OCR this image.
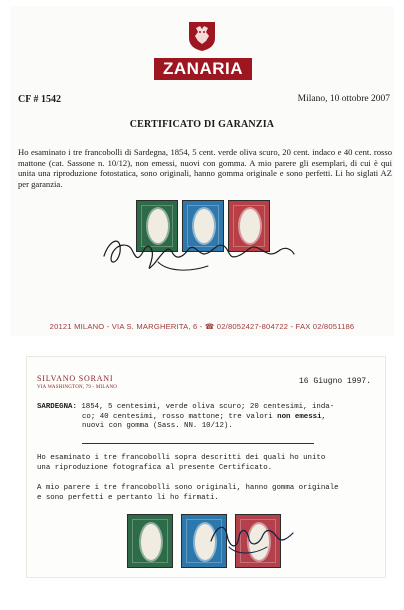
ZANARIA
CF # 1542	Milano, 10 ottobre 2007
CERTIFICATO DI GARANZIA

Ho esaminato i tre francobolli di Sardegna, 1854, 5 cent. verde oliva scuro, 20 cent. indaco e 40 cent. rosso mattone (cat. Sassone n. 10/12), non emessi, nuovi con gomma. A mio parere gli esemplari, di cui è qui unita una riproduzione fotostatica, sono originali, hanno gomma originale e sono perfetti. Li ho siglati AZ per garanzia.

20121 MILANO - VIA S. MARGHERITA, 6 - ☎ 02/8052427-804722 - FAX 02/8051186
SILVANO SORANI
VIA WASHINGTON, 79 - MILANO
16 Giugno 1997.
SARDEGNA: 1854, 5 centesimi, verde oliva scuro; 20 centesimi, inda-
co; 40 centesimi, rosso mattone; tre valori non emessi,
nuovi con gomma (Sass. NN. 10/12).
Ho esaminato i tre francobolli sopra descritti dei quali ho unito
una riproduzione fotografica al presente Certificato.
A mio parere i tre francobolli sono originali, hanno gomma originale
e sono perfetti e pertanto li ho firmati.
